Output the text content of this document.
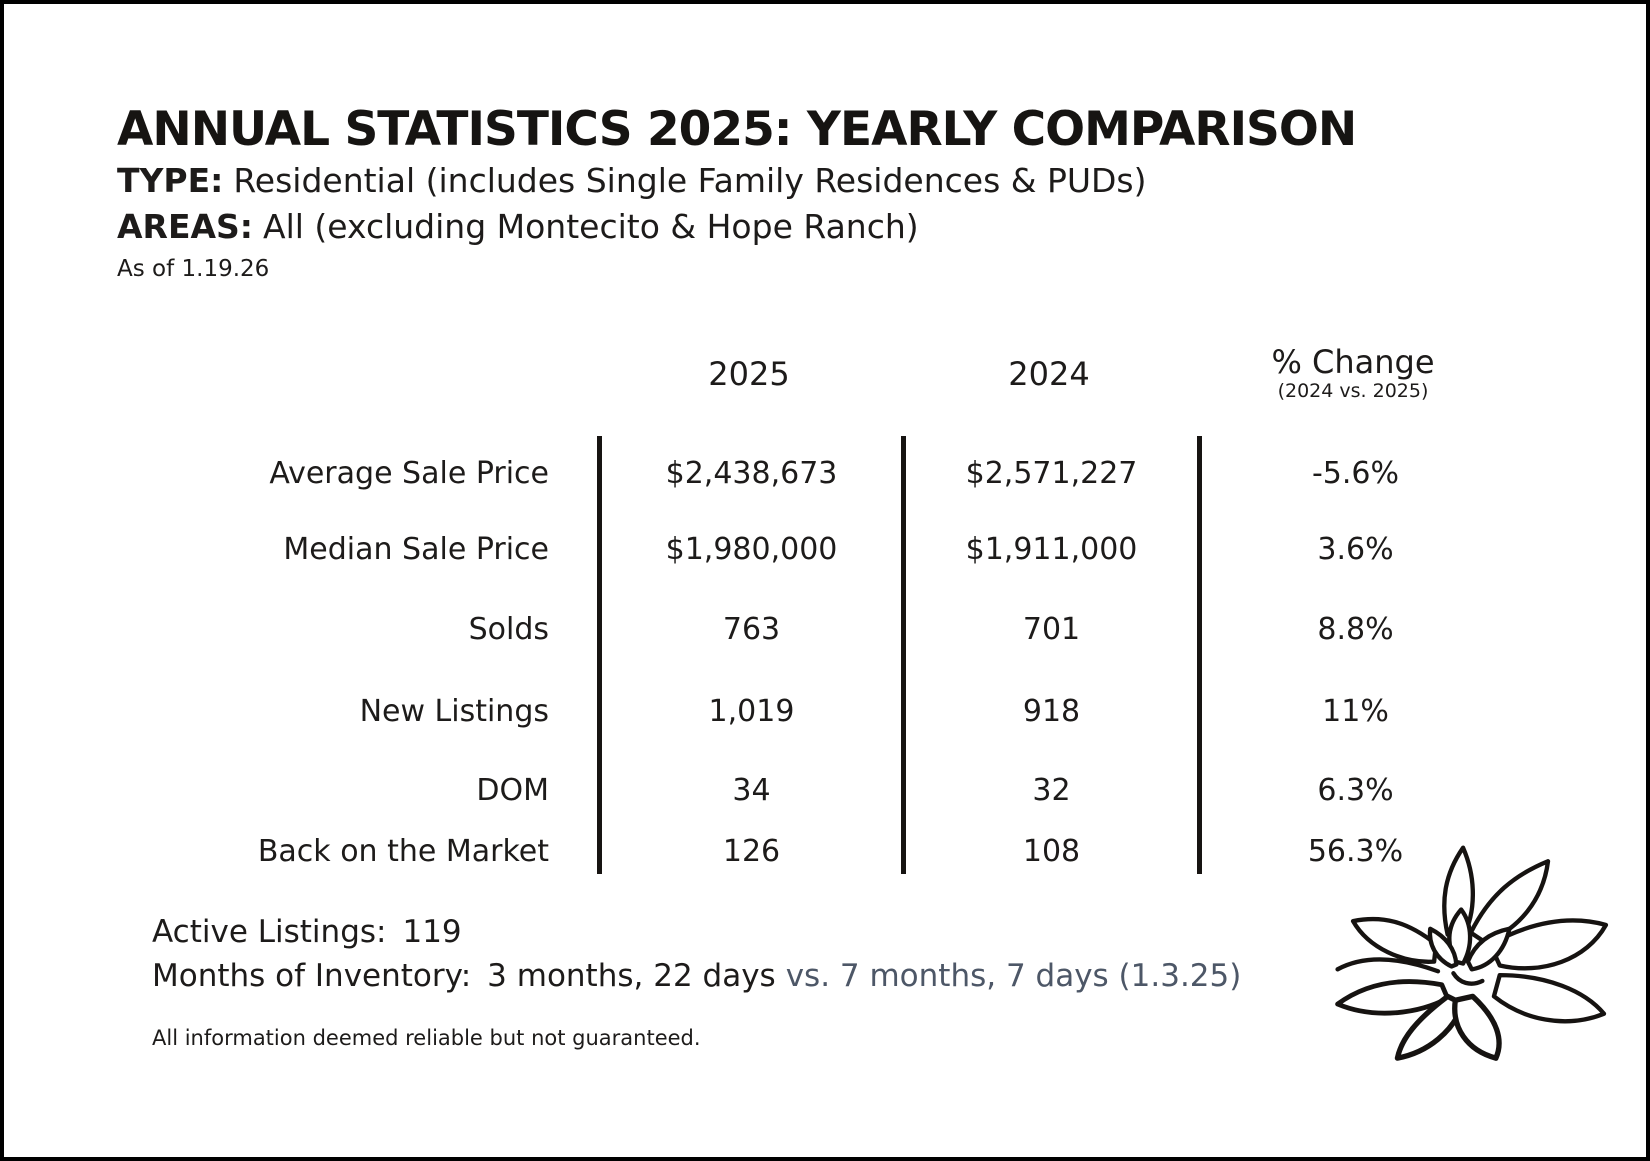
ANNUAL STATISTICS 2025: YEARLY COMPARISON
TYPE: Residential (includes Single Family Residences & PUDs)
AREAS: All (excluding Montecito & Hope Ranch)
As of 1.19.26
2025	2024	% Change
(2024 vs. 2025)
Average Sale Price	$2,438,673	$2,571,227	-5.6%
Median Sale Price	$1,980,000	$1,911,000	3.6%
Solds	763	701	8.8%
New Listings	1,019	918	11%
DOM	34	32	6.3%
Back on the Market	126	108	56.3%
Active Listings: 119
Months of Inventory: 3 months, 22 days vs. 7 months, 7 days (1.3.25)
All information deemed reliable but not guaranteed.
